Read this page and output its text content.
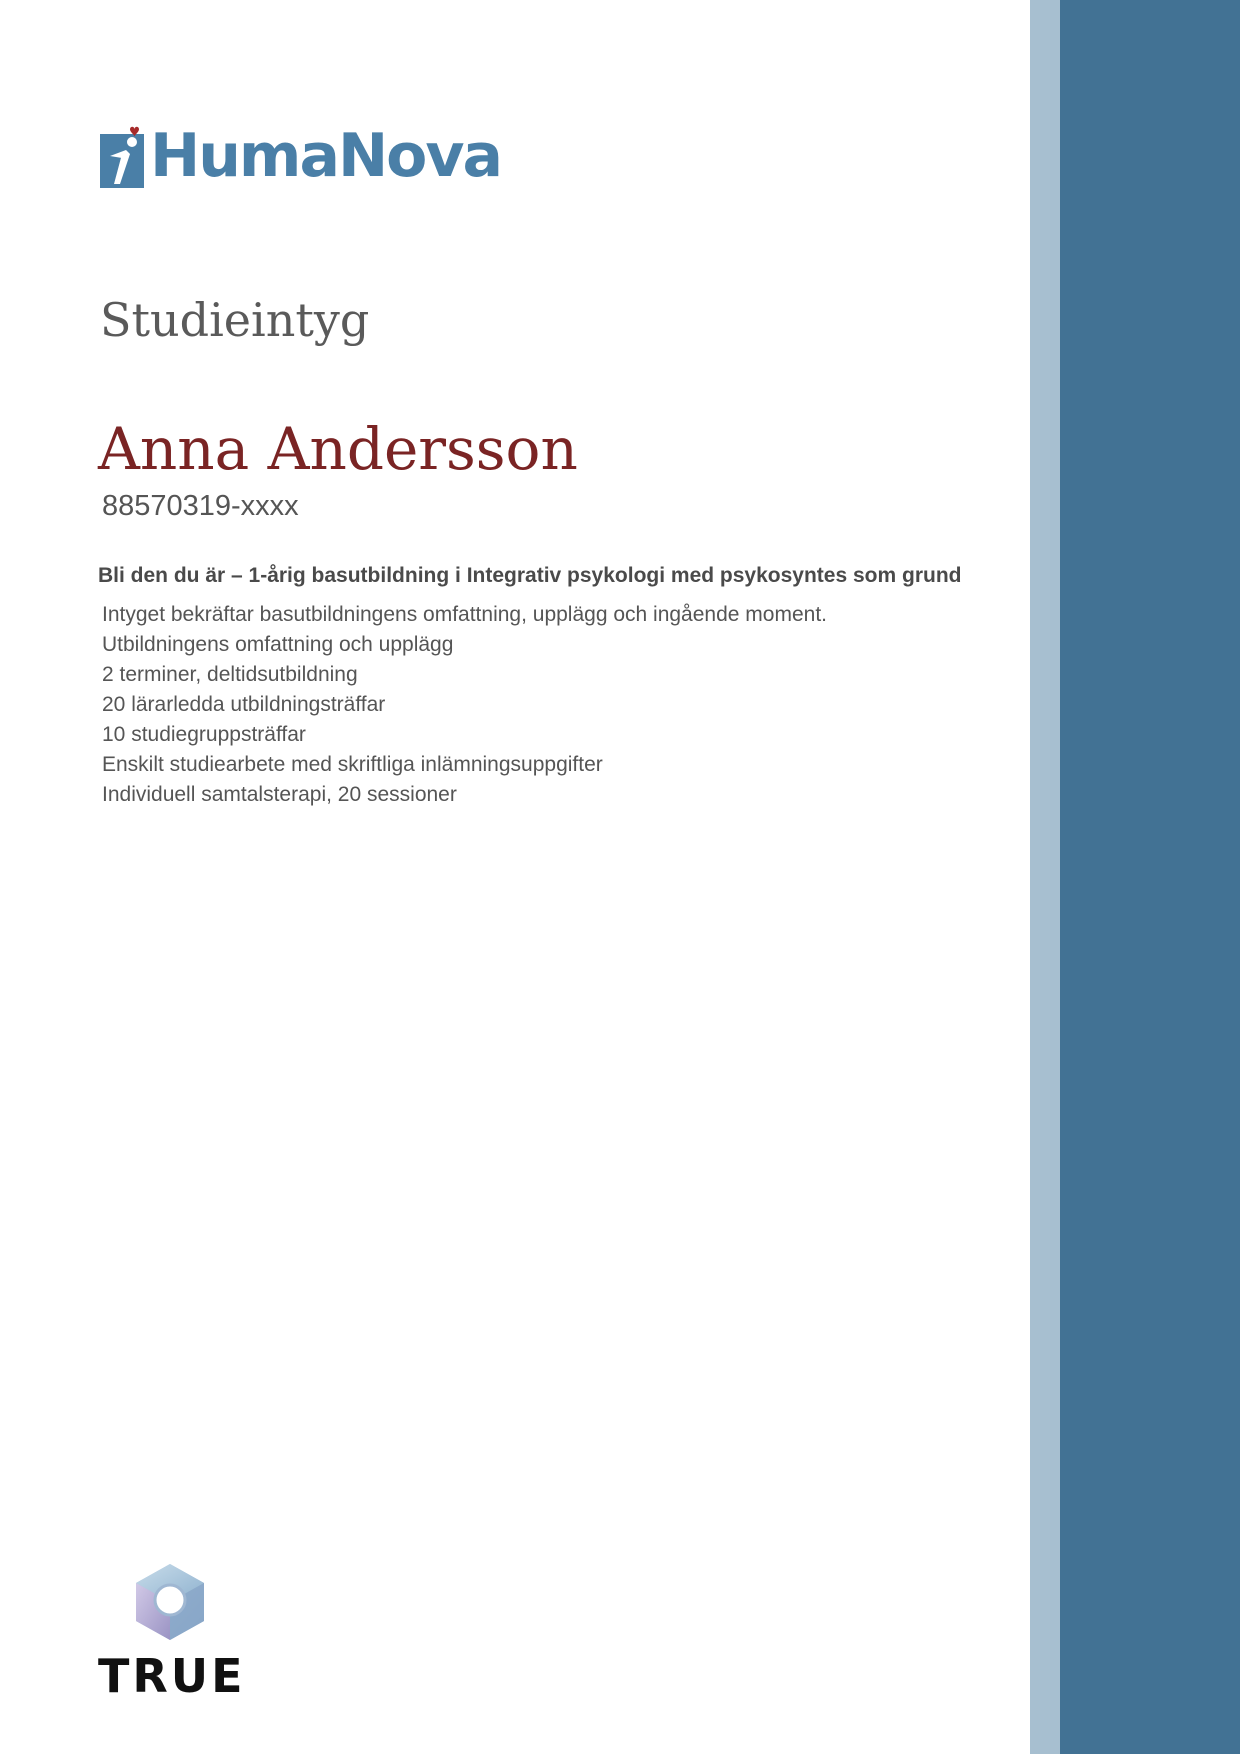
HumaNova
Studieintyg
Anna Andersson
88570319-xxxx
Bli den du är – 1-årig basutbildning i Integrativ psykologi med psykosyntes som grund
Intyget bekräftar basutbildningens omfattning, upplägg och ingående moment.
Utbildningens omfattning och upplägg
2 terminer, deltidsutbildning
20 lärarledda utbildningsträffar
10 studiegruppsträffar
Enskilt studiearbete med skriftliga inlämningsuppgifter
Individuell samtalsterapi, 20 sessioner
TRUE
